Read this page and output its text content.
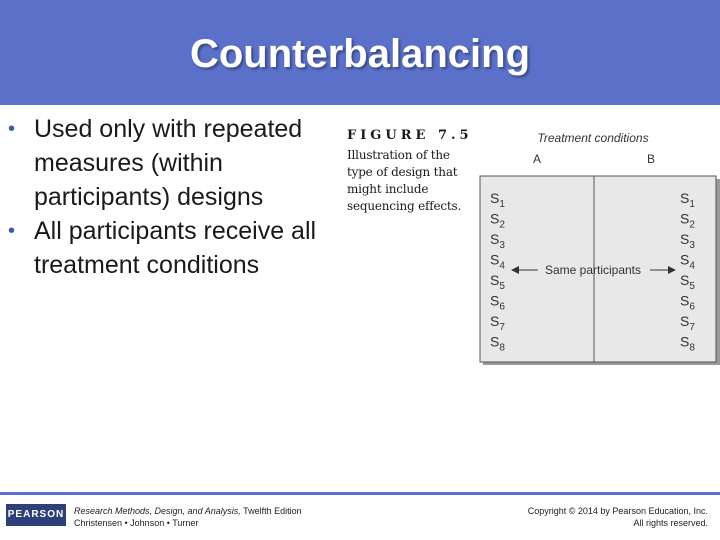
Counterbalancing
• Used only with repeated measures (within participants) designs
• All participants receive all treatment conditions
FIGURE 7.5
Illustration of the type of design that might include sequencing effects.
Treatment conditions
A	B
$S_1$
$S_2$
$S_3$
$S_4$
$S_5$
$S_6$
$S_7$
$S_8$
$S_1$
$S_2$
$S_3$
$S_4$
$S_5$
$S_6$
$S_7$
$S_8$
Same participants
PEARSON Research Methods, Design, and Analysis, Twelfth Edition
Christensen • Johnson • Turner
Copyright © 2014 by Pearson Education, Inc.
All rights reserved.
